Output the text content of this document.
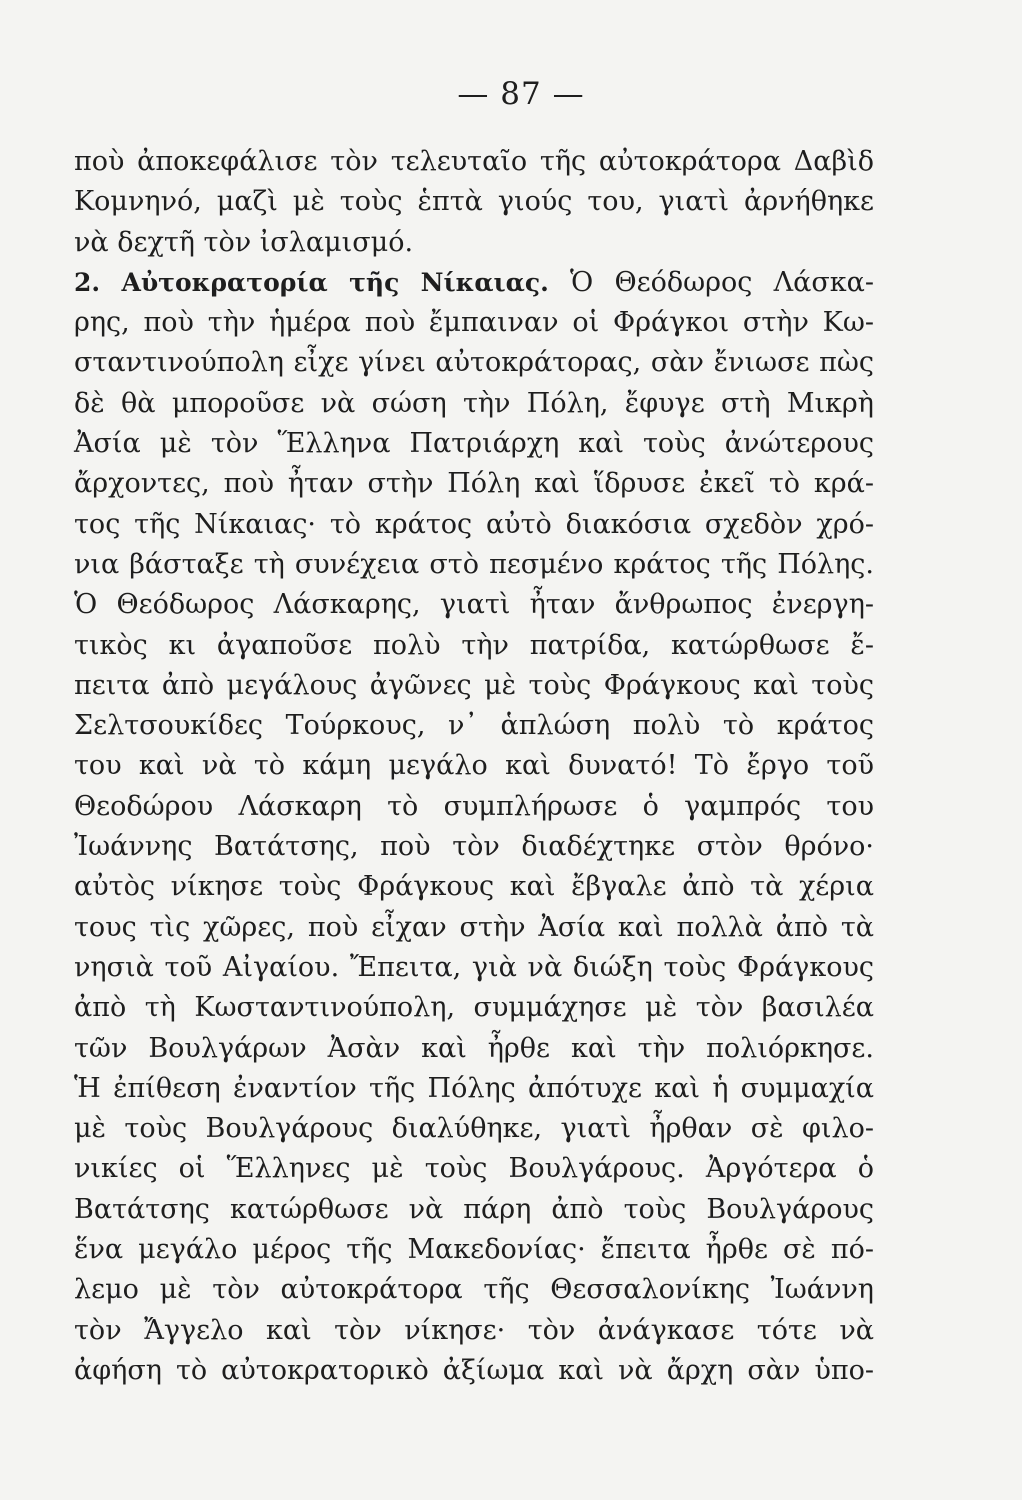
— 87 —
ποὺ ἀποκεφάλισε τὸν τελευταῖο τῆς αὐτοκράτορα Δαβὶδ
Κομνηνό, μαζὶ μὲ τοὺς ἑπτὰ γιούς του, γιατὶ ἀρνήθηκε
νὰ δεχτῆ τὸν ἰσλαμισμό.
2. Αὐτοκρατορία τῆς Νίκαιας. Ὁ Θεόδωρος Λάσκα-
ρης, ποὺ τὴν ἡμέρα ποὺ ἔμπαιναν οἱ Φράγκοι στὴν Κω-
σταντινούπολη εἶχε γίνει αὐτοκράτορας, σὰν ἔνιωσε πὼς
δὲ θὰ μποροῦσε νὰ σώση τὴν Πόλη, ἔφυγε στὴ Μικρὴ
Ἀσία μὲ τὸν Ἕλληνα Πατριάρχη καὶ τοὺς ἀνώτερους
ἄρχοντες, ποὺ ἦταν στὴν Πόλη καὶ ἵδρυσε ἐκεῖ τὸ κρά-
τος τῆς Νίκαιας· τὸ κράτος αὐτὸ διακόσια σχεδὸν χρό-
νια βάσταξε τὴ συνέχεια στὸ πεσμένο κράτος τῆς Πόλης.
Ὁ Θεόδωρος Λάσκαρης, γιατὶ ἦταν ἄνθρωπος ἐνεργη-
τικὸς κι ἀγαποῦσε πολὺ τὴν πατρίδα, κατώρθωσε ἔ-
πειτα ἀπὸ μεγάλους ἀγῶνες μὲ τοὺς Φράγκους καὶ τοὺς
Σελτσουκίδες Τούρκους, ν᾽ ἁπλώση πολὺ τὸ κράτος
του καὶ νὰ τὸ κάμη μεγάλο καὶ δυνατό! Τὸ ἔργο τοῦ
Θεοδώρου Λάσκαρη τὸ συμπλήρωσε ὁ γαμπρός του
Ἰωάννης Βατάτσης, ποὺ τὸν διαδέχτηκε στὸν θρόνο·
αὐτὸς νίκησε τοὺς Φράγκους καὶ ἔβγαλε ἀπὸ τὰ χέρια
τους τὶς χῶρες, ποὺ εἶχαν στὴν Ἀσία καὶ πολλὰ ἀπὸ τὰ
νησιὰ τοῦ Αἰγαίου. Ἔπειτα, γιὰ νὰ διώξη τοὺς Φράγκους
ἀπὸ τὴ Κωσταντινούπολη, συμμάχησε μὲ τὸν βασιλέα
τῶν Βουλγάρων Ἀσὰν καὶ ἦρθε καὶ τὴν πολιόρκησε.
Ἡ ἐπίθεση ἐναντίον τῆς Πόλης ἀπότυχε καὶ ἡ συμμαχία
μὲ τοὺς Βουλγάρους διαλύθηκε, γιατὶ ἦρθαν σὲ φιλο-
νικίες οἱ Ἕλληνες μὲ τοὺς Βουλγάρους. Ἀργότερα ὁ
Βατάτσης κατώρθωσε νὰ πάρη ἀπὸ τοὺς Βουλγάρους
ἕνα μεγάλο μέρος τῆς Μακεδονίας· ἔπειτα ἦρθε σὲ πό-
λεμο μὲ τὸν αὐτοκράτορα τῆς Θεσσαλονίκης Ἰωάννη
τὸν Ἄγγελο καὶ τὸν νίκησε· τὸν ἀνάγκασε τότε νὰ
ἀφήση τὸ αὐτοκρατορικὸ ἀξίωμα καὶ νὰ ἄρχη σὰν ὑπο-
